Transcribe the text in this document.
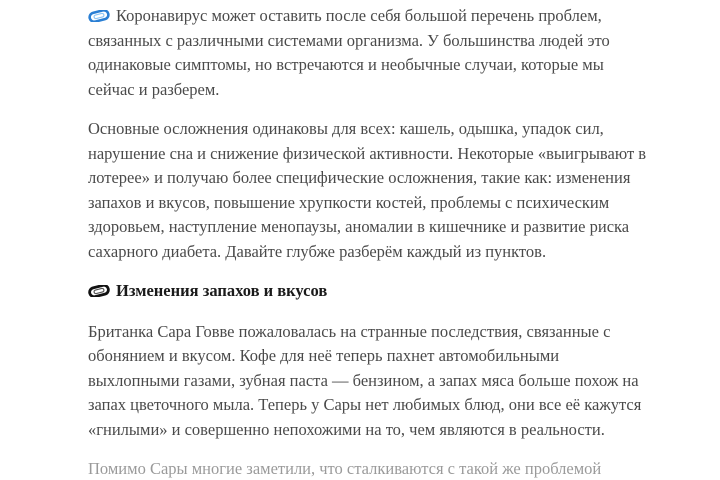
Коронавирус может оставить после себя большой перечень проблем, связанных с различными системами организма. У большинства людей это одинаковые симптомы, но встречаются и необычные случаи, которые мы сейчас и разберем.

Основные осложнения одинаковы для всех: кашель, одышка, упадок сил, нарушение сна и снижение физической активности. Некоторые «выигрывают в лотерее» и получаю более специфические осложнения, такие как: изменения запахов и вкусов, повышение хрупкости костей, проблемы с психическим здоровьем, наступление менопаузы, аномалии в кишечнике и развитие риска сахарного диабета. Давайте глубже разберём каждый из пунктов.

Изменения запахов и вкусов

Британка Сара Говве пожаловалась на странные последствия, связанные с обонянием и вкусом. Кофе для неё теперь пахнет автомобильными выхлопными газами, зубная паста — бензином, а запах мяса больше похож на запах цветочного мыла. Теперь у Сары нет любимых блюд, они все её кажутся «гнилыми» и совершенно непохожими на то, чем являются в реальности.

Помимо Сары многие заметили, что сталкиваются с такой же проблемой
